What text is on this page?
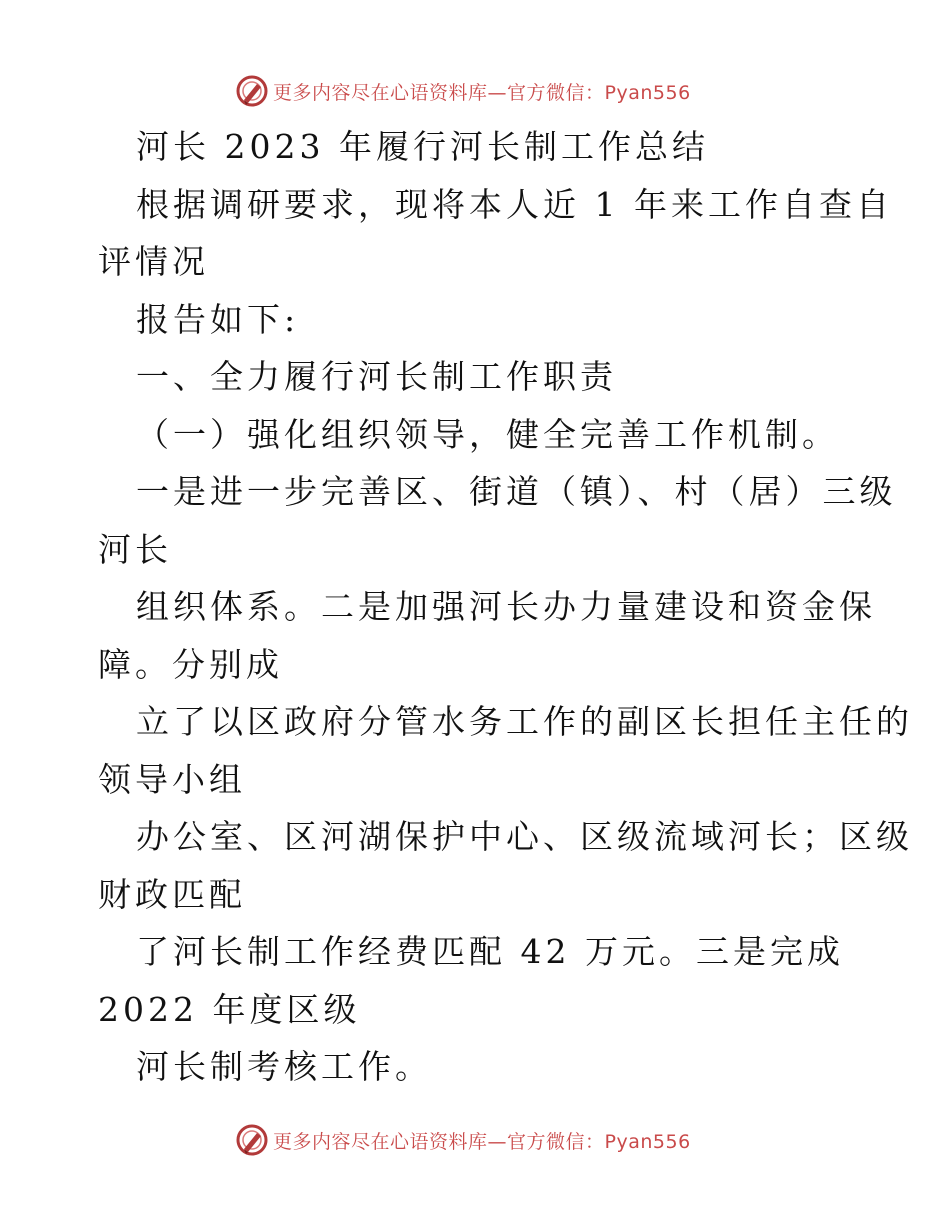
更多内容尽在心语资料库—官方微信：Pyan556

河长 2023 年履行河长制工作总结

根据调研要求，现将本人近 1 年来工作自查自

评情况

报告如下:

一、全力履行河长制工作职责

（一）强化组织领导，健全完善工作机制。

一是进一步完善区、街道（镇）、村（居）三级

河长

组织体系。二是加强河长办力量建设和资金保

障。分别成

立了以区政府分管水务工作的副区长担任主任的

领导小组

办公室、区河湖保护中心、区级流域河长；区级

财政匹配

了河长制工作经费匹配 42 万元。三是完成

2022 年度区级

河长制考核工作。

更多内容尽在心语资料库—官方微信：Pyan556
